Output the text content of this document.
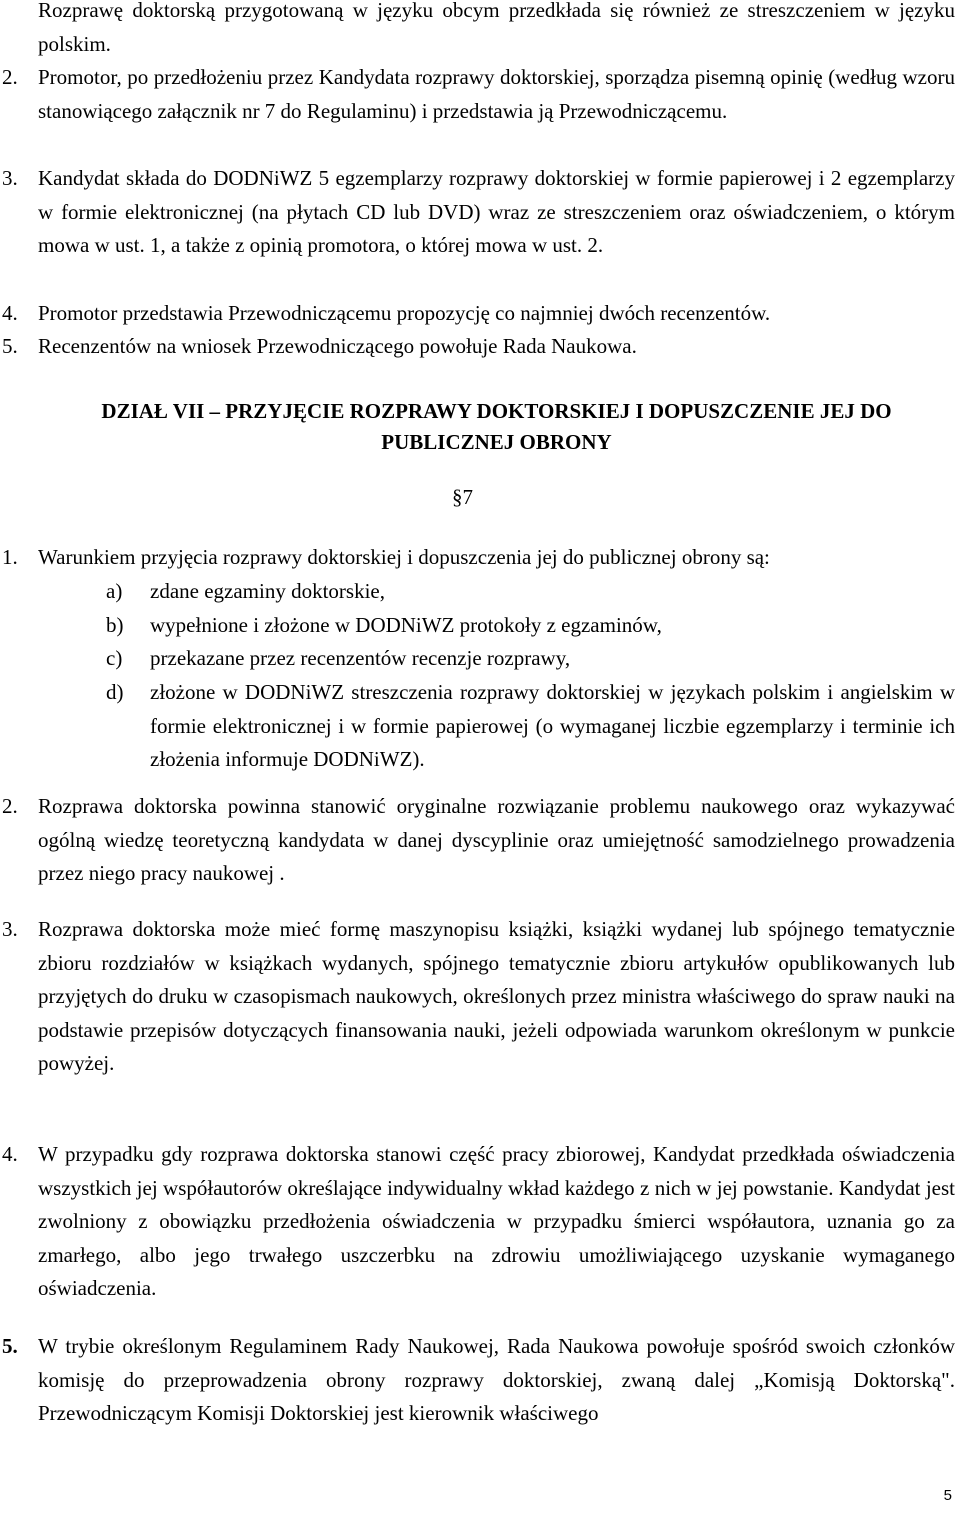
Rozprawę doktorską przygotowaną w języku obcym przedkłada się również ze streszczeniem w języku polskim.
2. Promotor, po przedłożeniu przez Kandydata rozprawy doktorskiej, sporządza pisemną opinię (według wzoru stanowiącego załącznik nr 7 do Regulaminu) i przedstawia ją Przewodniczącemu.
3. Kandydat składa do DODNiWZ 5 egzemplarzy rozprawy doktorskiej w formie papierowej i 2 egzemplarzy w formie elektronicznej (na płytach CD lub DVD) wraz ze streszczeniem oraz oświadczeniem, o którym mowa w ust. 1, a także z opinią promotora, o której mowa w ust. 2.
4. Promotor przedstawia Przewodniczącemu propozycję co najmniej dwóch recenzentów.
5. Recenzentów na wniosek Przewodniczącego powołuje Rada Naukowa.
DZIAŁ VII – PRZYJĘCIE ROZPRAWY DOKTORSKIEJ I DOPUSZCZENIE JEJ DO PUBLICZNEJ OBRONY
§7
1. Warunkiem przyjęcia rozprawy doktorskiej i dopuszczenia jej do publicznej obrony są:
a) zdane egzaminy doktorskie,
b) wypełnione i złożone w DODNiWZ protokoły z egzaminów,
c) przekazane przez recenzentów recenzje rozprawy,
d) złożone w DODNiWZ streszczenia rozprawy doktorskiej w językach polskim i angielskim w formie elektronicznej i w formie papierowej (o wymaganej liczbie egzemplarzy i terminie ich złożenia informuje DODNiWZ).
2. Rozprawa doktorska powinna stanowić oryginalne rozwiązanie problemu naukowego oraz wykazywać ogólną wiedzę teoretyczną kandydata w danej dyscyplinie oraz umiejętność samodzielnego prowadzenia przez niego pracy naukowej .
3. Rozprawa doktorska może mieć formę maszynopisu książki, książki wydanej lub spójnego tematycznie zbioru rozdziałów w książkach wydanych, spójnego tematycznie zbioru artykułów opublikowanych lub przyjętych do druku w czasopismach naukowych, określonych przez ministra właściwego do spraw nauki na podstawie przepisów dotyczących finansowania nauki, jeżeli odpowiada warunkom określonym w punkcie powyżej.
4. W przypadku gdy rozprawa doktorska stanowi część pracy zbiorowej, Kandydat przedkłada oświadczenia wszystkich jej współautorów określające indywidualny wkład każdego z nich w jej powstanie. Kandydat jest zwolniony z obowiązku przedłożenia oświadczenia w przypadku śmierci współautora, uznania go za zmarłego, albo jego trwałego uszczerbku na zdrowiu umożliwiającego uzyskanie wymaganego oświadczenia.
5. W trybie określonym Regulaminem Rady Naukowej, Rada Naukowa powołuje spośród swoich członków komisję do przeprowadzenia obrony rozprawy doktorskiej, zwaną dalej „Komisją Doktorską". Przewodniczącym Komisji Doktorskiej jest kierownik właściwego
5
